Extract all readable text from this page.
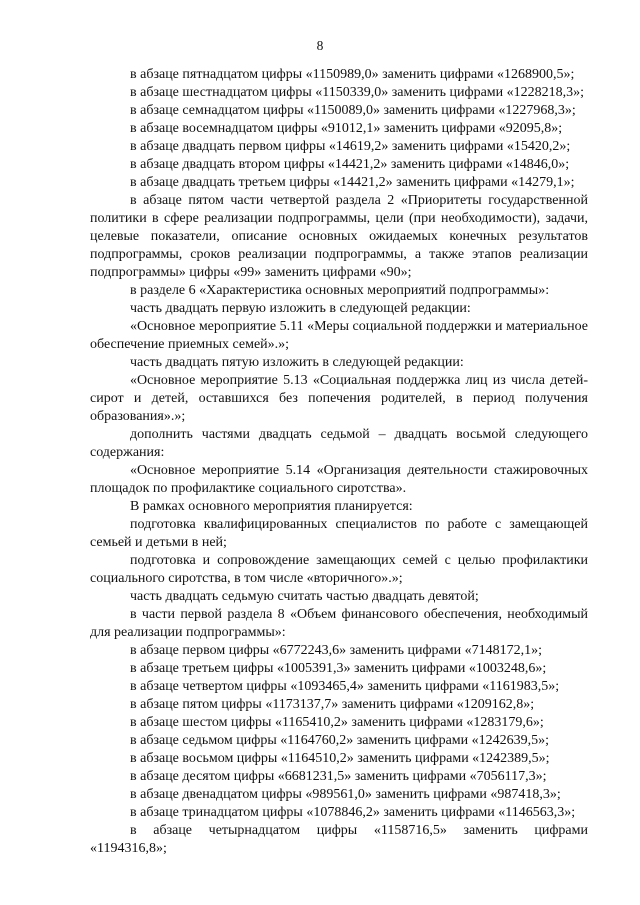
8

в абзаце пятнадцатом цифры «1150989,0» заменить цифрами «1268900,5»;

в абзаце шестнадцатом цифры «1150339,0» заменить цифрами «1228218,3»;

в абзаце семнадцатом цифры «1150089,0» заменить цифрами «1227968,3»;

в абзаце восемнадцатом цифры «91012,1» заменить цифрами «92095,8»;

в абзаце двадцать первом цифры «14619,2» заменить цифрами «15420,2»;

в абзаце двадцать втором цифры «14421,2» заменить цифрами «14846,0»;

в абзаце двадцать третьем цифры «14421,2» заменить цифрами «14279,1»;

в абзаце пятом части четвертой раздела 2 «Приоритеты государственной политики в сфере реализации подпрограммы, цели (при необходимости), задачи, целевые показатели, описание основных ожидаемых конечных результатов подпрограммы, сроков реализации подпрограммы, а также этапов реализации подпрограммы» цифры «99» заменить цифрами «90»;

в разделе 6 «Характеристика основных мероприятий подпрограммы»:

часть двадцать первую изложить в следующей редакции:

«Основное мероприятие 5.11 «Меры социальной поддержки и материальное обеспечение приемных семей».»;

часть двадцать пятую изложить в следующей редакции:

«Основное мероприятие 5.13 «Социальная поддержка лиц из числа детей-сирот и детей, оставшихся без попечения родителей, в период получения образования».»;

дополнить частями двадцать седьмой – двадцать восьмой следующего содержания:

«Основное мероприятие 5.14 «Организация деятельности стажировочных площадок по профилактике социального сиротства».

В рамках основного мероприятия планируется:

подготовка квалифицированных специалистов по работе с замещающей семьей и детьми в ней;

подготовка и сопровождение замещающих семей с целью профилактики социального сиротства, в том числе «вторичного».»;

часть двадцать седьмую считать частью двадцать девятой;

в части первой раздела 8 «Объем финансового обеспечения, необходимый для реализации подпрограммы»:

в абзаце первом цифры «6772243,6» заменить цифрами «7148172,1»;

в абзаце третьем цифры «1005391,3» заменить цифрами «1003248,6»;

в абзаце четвертом цифры «1093465,4» заменить цифрами «1161983,5»;

в абзаце пятом цифры «1173137,7» заменить цифрами «1209162,8»;

в абзаце шестом цифры «1165410,2» заменить цифрами «1283179,6»;

в абзаце седьмом цифры «1164760,2» заменить цифрами «1242639,5»;

в абзаце восьмом цифры «1164510,2» заменить цифрами «1242389,5»;

в абзаце десятом цифры «6681231,5» заменить цифрами «7056117,3»;

в абзаце двенадцатом цифры «989561,0» заменить цифрами «987418,3»;

в абзаце тринадцатом цифры «1078846,2» заменить цифрами «1146563,3»;

в абзаце четырнадцатом цифры «1158716,5» заменить цифрами «1194316,8»;
